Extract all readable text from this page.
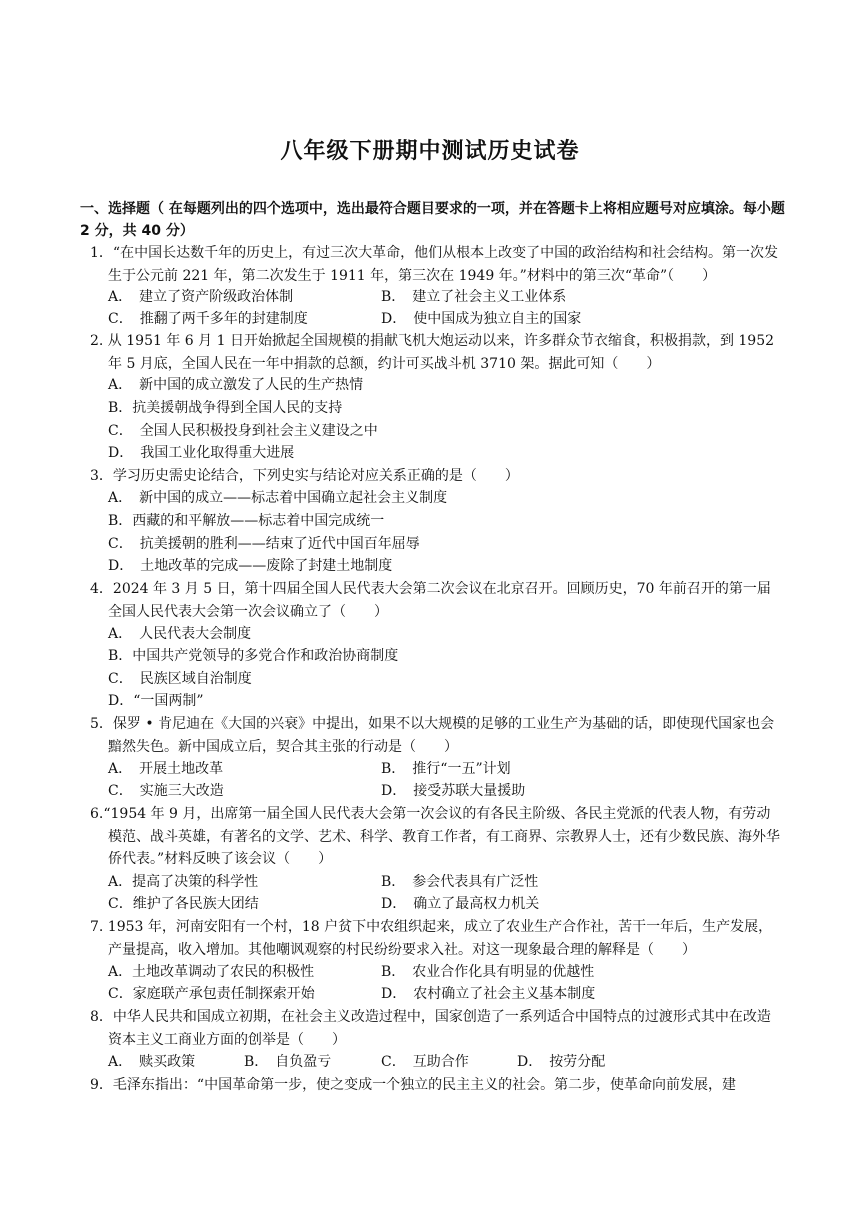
八年级下册期中测试历史试卷
一、选择题（ 在每题列出的四个选项中，选出最符合题目要求的一项，并在答题卡上将相应题号对应填涂。每小题 2 分，共 40 分）
1．“在中国长达数千年的历史上，有过三次大革命，他们从根本上改变了中国的政治结构和社会结构。第一次发生于公元前 221 年，第二次发生于 1911 年，第三次在 1949 年。”材料中的第三次“革命”（　　）
A．　建立了资产阶级政治体制	B．　建立了社会主义工业体系
C．　推翻了两千多年的封建制度	D．　使中国成为独立自主的国家
2. 从 1951 年 6 月 1 日开始掀起全国规模的捐献飞机大炮运动以来，许多群众节衣缩食，积极捐款，到 1952 年 5 月底，全国人民在一年中捐款的总额，约计可买战斗机 3710 架。据此可知（　　）
A．　新中国的成立激发了人民的生产热情
B．抗美援朝战争得到全国人民的支持
C．　全国人民积极投身到社会主义建设之中
D．　我国工业化取得重大进展
3．学习历史需史论结合，下列史实与结论对应关系正确的是（　　）
A．　新中国的成立——标志着中国确立起社会主义制度
B．西藏的和平解放——标志着中国完成统一
C．　抗美援朝的胜利——结束了近代中国百年屈辱
D．　土地改革的完成——废除了封建土地制度
4．2024 年 3 月 5 日，第十四届全国人民代表大会第二次会议在北京召开。回顾历史，70 年前召开的第一届全国人民代表大会第一次会议确立了（　　）
A．　人民代表大会制度
B．中国共产党领导的多党合作和政治协商制度
C．　民族区域自治制度
D．“一国两制”
5．保罗 • 肯尼迪在《大国的兴衰》中提出，如果不以大规模的足够的工业生产为基础的话，即使现代国家也会黯然失色。新中国成立后，契合其主张的行动是（　　）
A．　开展土地改革	B．　推行“一五”计划
C．　实施三大改造	D．　接受苏联大量援助
6.“1954 年 9 月，出席第一届全国人民代表大会第一次会议的有各民主阶级、各民主党派的代表人物，有劳动模范、战斗英雄，有著名的文学、艺术、科学、教育工作者，有工商界、宗教界人士，还有少数民族、海外华侨代表。”材料反映了该会议（　　）
A．提高了决策的科学性	B．　参会代表具有广泛性
C．维护了各民族大团结	D．　确立了最高权力机关
7. 1953 年，河南安阳有一个村，18 户贫下中农组织起来，成立了农业生产合作社，苦干一年后，生产发展，产量提高，收入增加。其他嘲讽观察的村民纷纷要求入社。对这一现象最合理的解释是（　　）
A．土地改革调动了农民的积极性	B．　农业合作化具有明显的优越性
C．家庭联产承包责任制探索开始	D．　农村确立了社会主义基本制度
8．中华人民共和国成立初期，在社会主义改造过程中，国家创造了一系列适合中国特点的过渡形式其中在改造资本主义工商业方面的创举是（　　）
A．　赎买政策	B．　自负盈亏	C．　互助合作	D．　按劳分配
9．毛泽东指出：“中国革命第一步，使之变成一个独立的民主主义的社会。第二步，使革命向前发展，建
